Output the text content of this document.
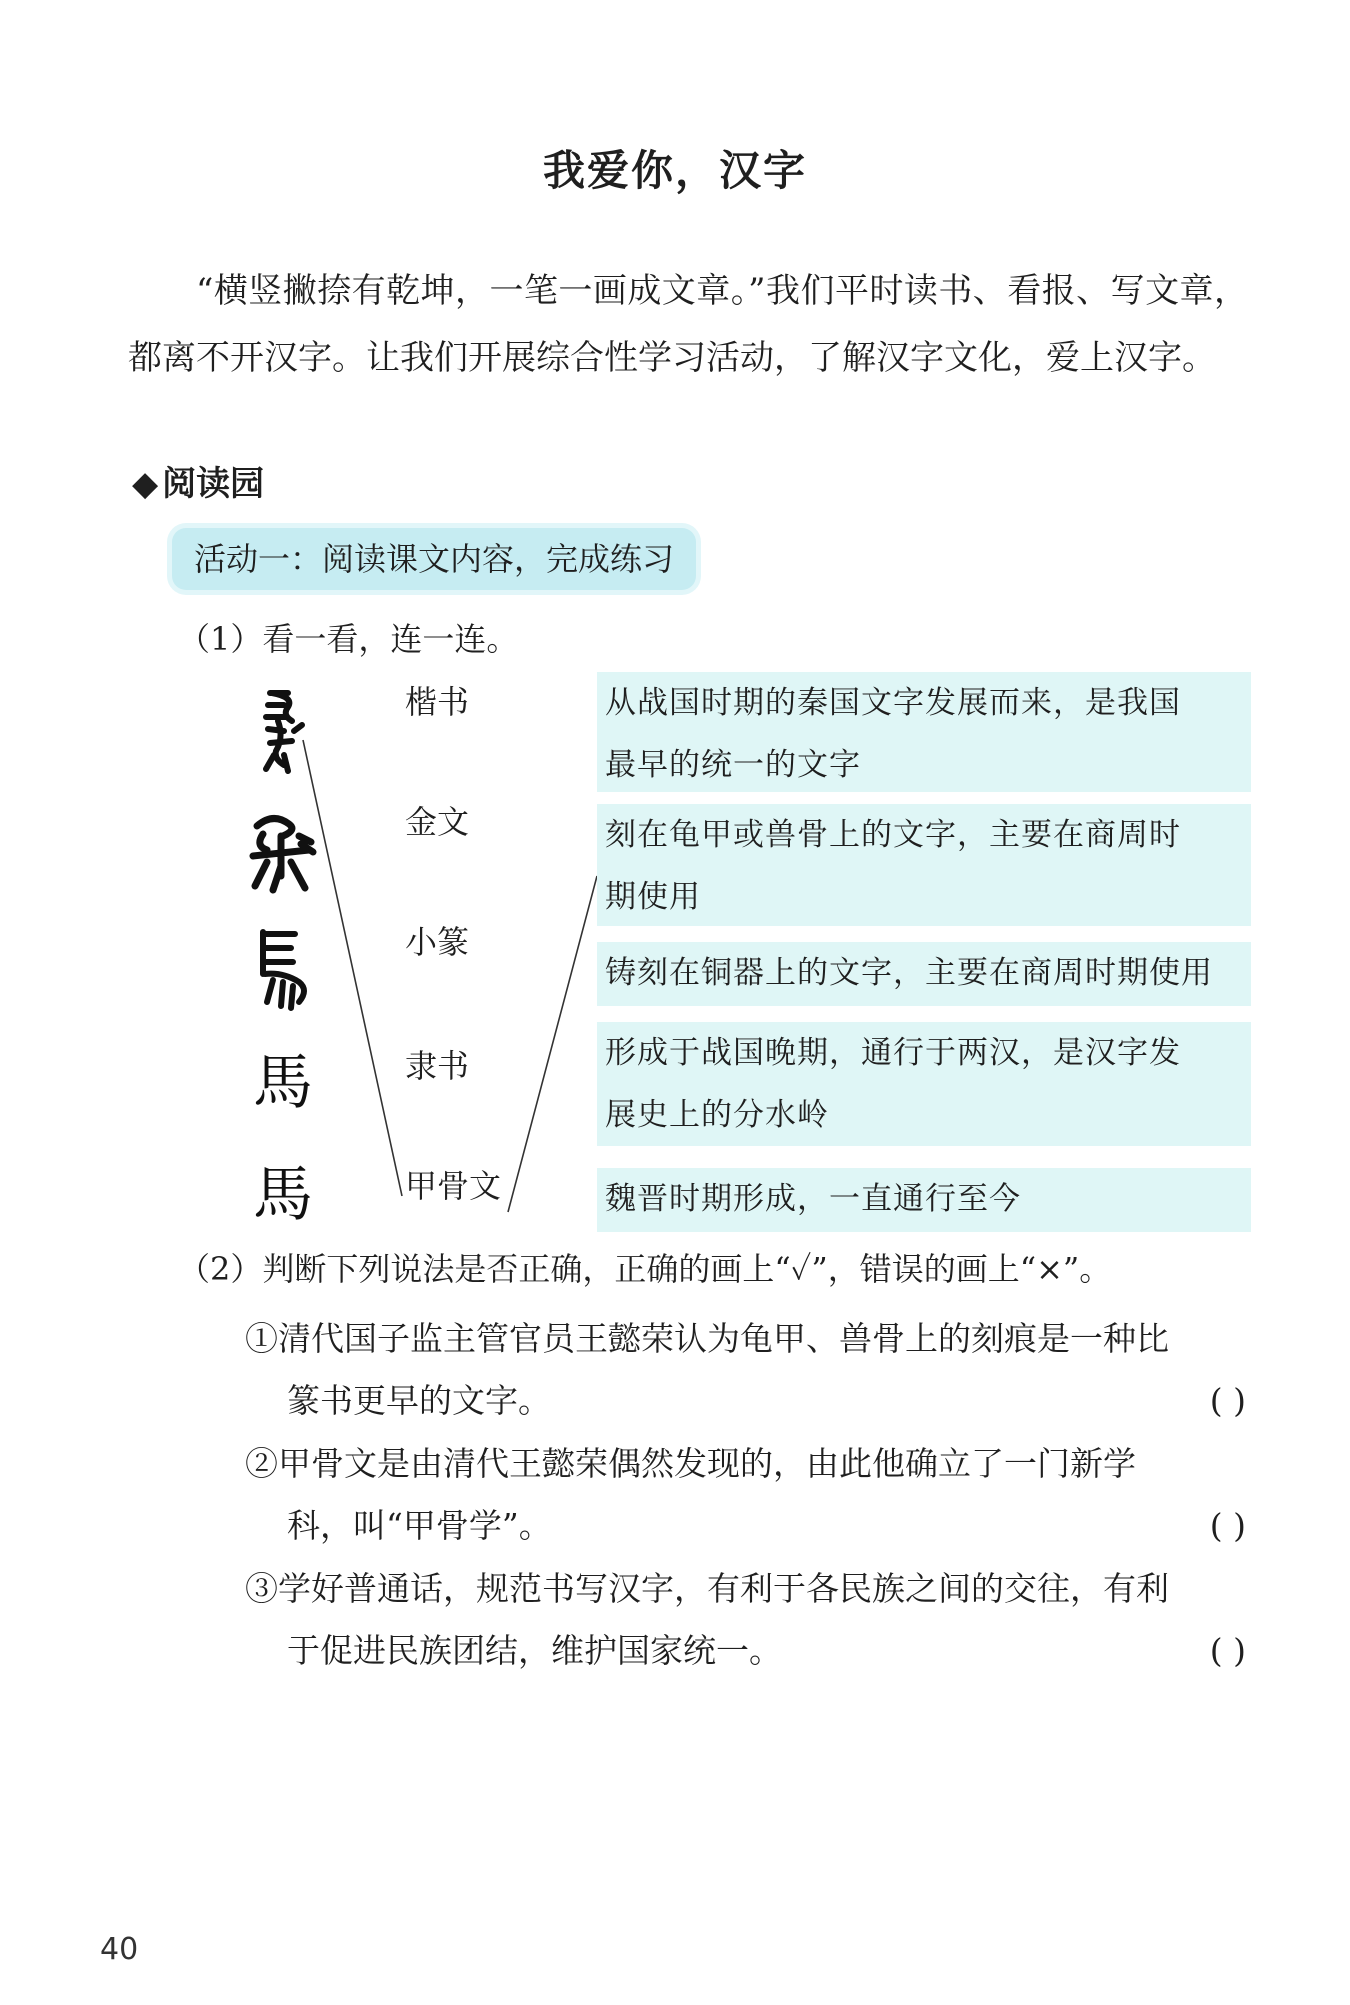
我爱你，汉字
“横竖撇捺有乾坤，一笔一画成文章。”我们平时读书、看报、写文章，都离不开汉字。让我们开展综合性学习活动，了解汉字文化，爱上汉字。
◆ 阅读园
活动一：阅读课文内容，完成练习
（1）看一看，连一连。
馬
馬
楷书
金文
小篆
隶书
甲骨文
从战国时期的秦国文字发展而来，是我国
最早的统一的文字
刻在龟甲或兽骨上的文字，主要在商周时
期使用
铸刻在铜器上的文字，主要在商周时期使用
形成于战国晚期，通行于两汉，是汉字发
展史上的分水岭
魏晋时期形成，一直通行至今
（2）判断下列说法是否正确，正确的画上“✓”，错误的画上“×”。
①清代国子监主管官员王懿荣认为龟甲、兽骨上的刻痕是一种比
篆书更早的文字。	( )
②甲骨文是由清代王懿荣偶然发现的，由此他确立了一门新学
科，叫“甲骨学”。	( )
③学好普通话，规范书写汉字，有利于各民族之间的交往，有利
于促进民族团结，维护国家统一。	( )
40
